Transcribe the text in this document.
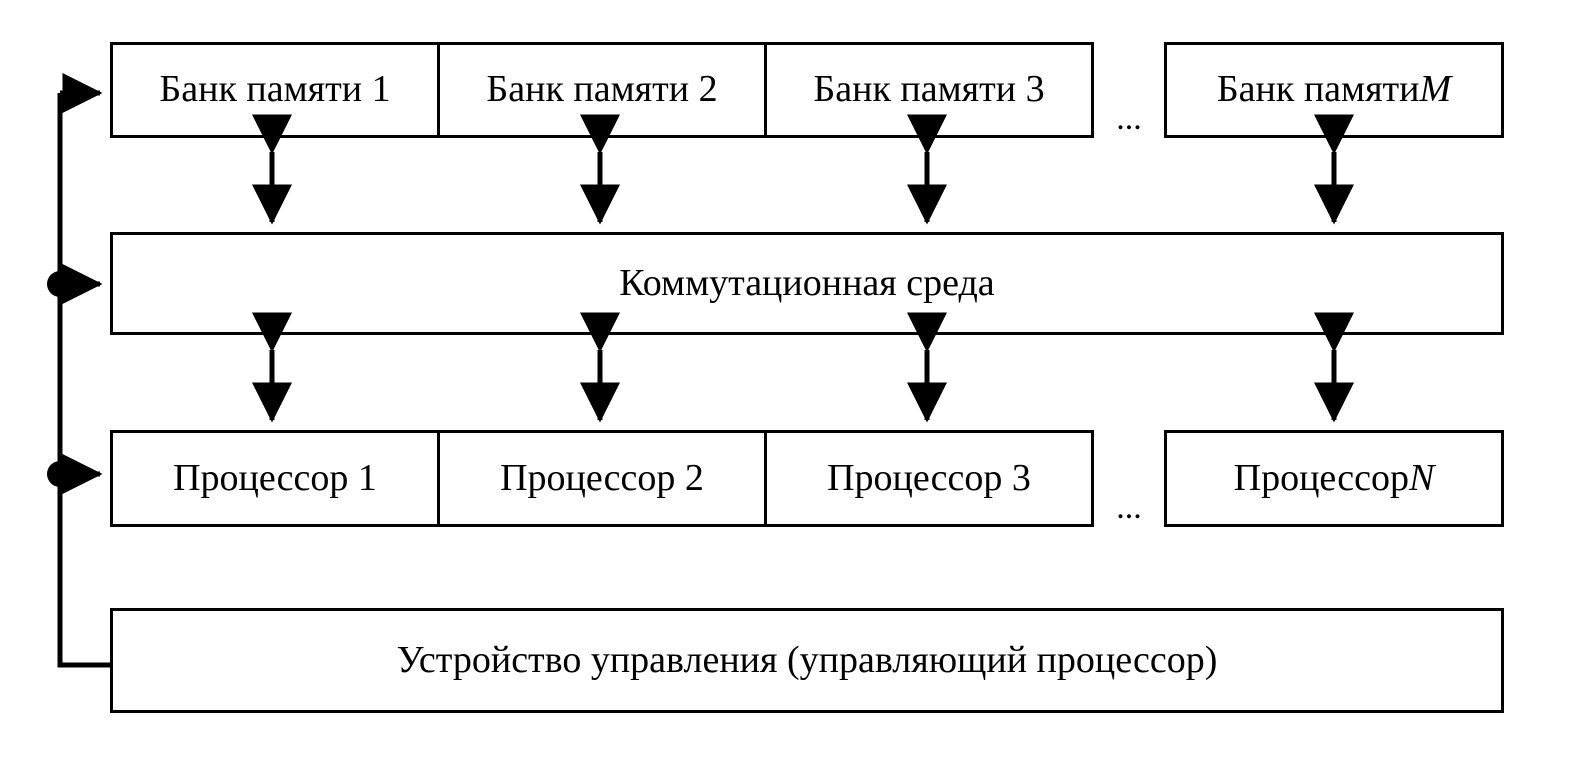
Банк памяти 1	Банк памяти 2	Банк памяти 3
...
Банк памяти M
Коммутационная среда
Процессор 1	Процессор 2	Процессор 3
...
Процессор N
Устройство управления (управляющий процессор)
